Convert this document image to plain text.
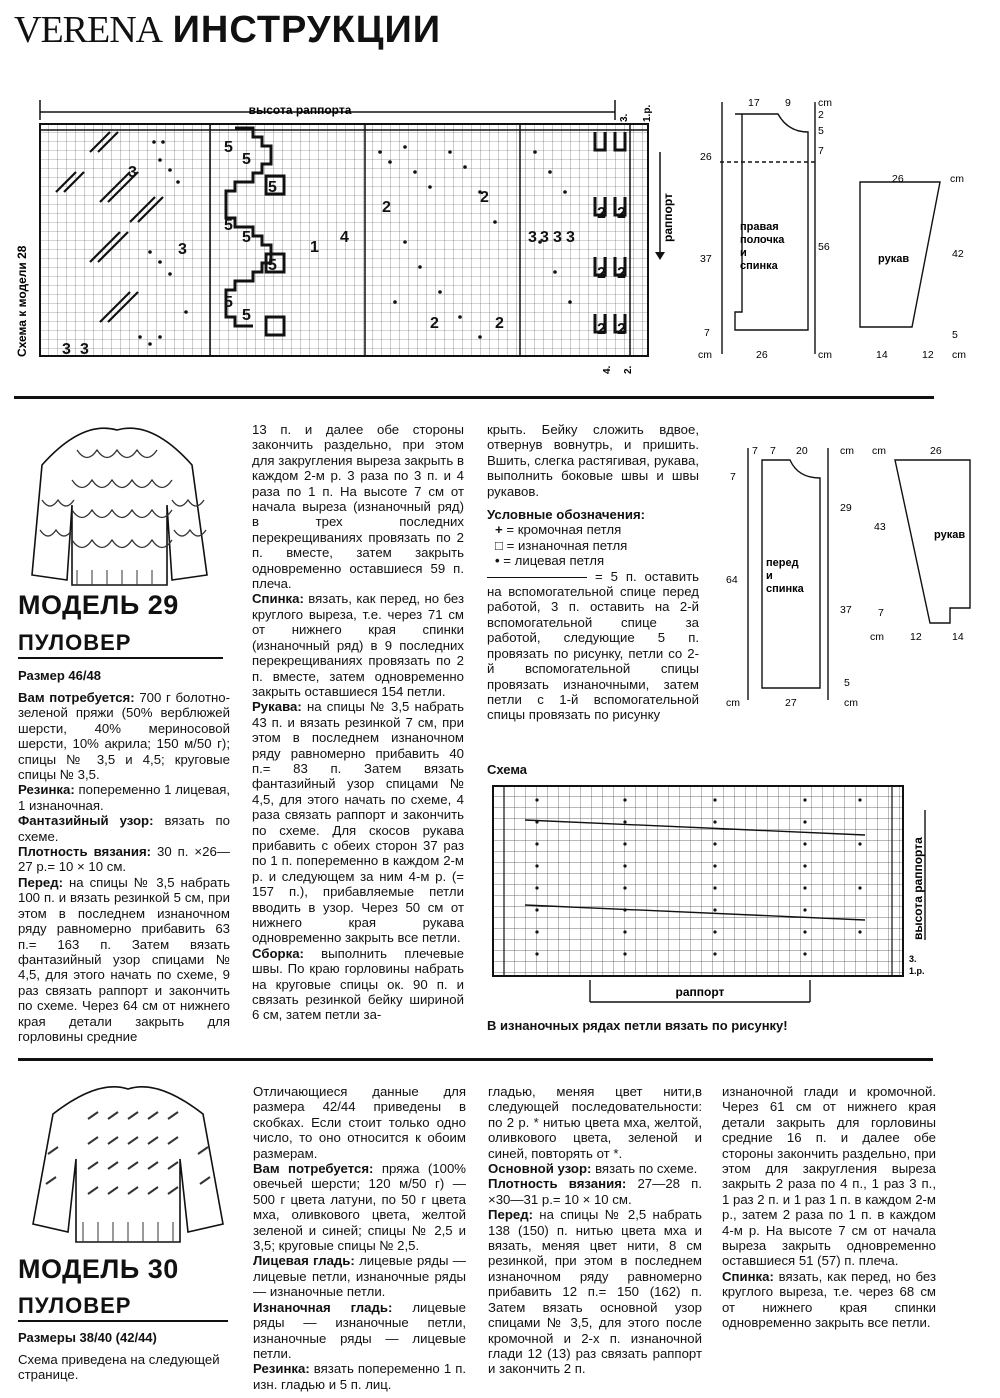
VERENA ИНСТРУКЦИИ
высота раппорта
3 3
3
3
5
5
5
5
5
5
5
5
1
4
2
2
2	2
3 3 3 3
2 2
2 2
2 2
Схема к модели 28
раппорт
3. 1.р.
4. 2.
17 9	cm
2
5
7
26
37
7
56
cm	26	cm
26	cm
42
14	12
5
cm
правая
полочка
и
спинка
рукав
МОДЕЛЬ 29
ПУЛОВЕР
Размер 46/48

Вам потребуется: 700 г болотно-зеленой пряжи (50% верблюжей шерсти, 40% мериносовой шерсти, 10% акрила; 150 м/50 г); спицы № 3,5 и 4,5; круговые спицы № 3,5.

Резинка: попеременно 1 лицевая, 1 изнаночная.

Фантазийный узор: вязать по схеме.

Плотность вязания: 30 п. ×26—27 р.= 10 × 10 см.

Перед: на спицы № 3,5 набрать 100 п. и вязать резинкой 5 см, при этом в последнем изнаночном ряду равномерно прибавить 63 п.= 163 п. Затем вязать фантазийный узор спицами № 4,5, для этого начать по схеме, 9 раз связать раппорт и закончить по схеме. Через 64 см от нижнего края детали закрыть для горловины средние

13 п. и далее обе стороны закончить раздельно, при этом для закругления выреза закрыть в каждом 2-м р. 3 раза по 3 п. и 4 раза по 1 п. На высоте 7 см от начала выреза (изнаночный ряд) в трех последних перекрещиваниях провязать по 2 п. вместе, затем закрыть одновременно оставшиеся 59 п. плеча.

Спинка: вязать, как перед, но без круглого выреза, т.е. через 71 см от нижнего края спинки (изнаночный ряд) в 9 последних перекрещиваниях провязать по 2 п. вместе, затем одновременно закрыть оставшиеся 154 петли.

Рукава: на спицы № 3,5 набрать 43 п. и вязать резинкой 7 см, при этом в последнем изнаночном ряду равномерно прибавить 40 п.= 83 п. Затем вязать фантазийный узор спицами № 4,5, для этого начать по схеме, 4 раза связать раппорт и закончить по схеме. Для скосов рукава прибавить с обеих сторон 37 раз по 1 п. попеременно в каждом 2-м р. и следующем за ним 4-м р. (= 157 п.), прибавляемые петли вводить в узор. Через 50 см от нижнего края рукава одновременно закрыть все петли.

Сборка: выполнить плечевые швы. По краю горловины набрать на круговые спицы ок. 90 п. и связать резинкой бейку шириной 6 см, затем петли за-

крыть. Бейку сложить вдвое, отвернув вовнутрь, и пришить. Вшить, слегка растягивая, рукава, выполнить боковые швы и швы рукавов.

Условные обозначения:

+ = кромочная петля

□ = изнаночная петля

• = лицевая петля

= 5 п. оставить на вспомогательной спице перед работой, 3 п. оставить на 2-й вспомогательной спице за работой, следующие 5 п. провязать по рисунку, петли со 2-й вспомогательной спицы провязать изнаночными, затем петли с 1-й вспомогательной спицы провязать по рисунку

7 7 20	cm
7
64
29
37
5
cm	27	cm
cm	26
43
7
cm 12	14
перед
и
спинка
рукав
Схема
раппорт
высота раппорта
3.
1.р.
В изнаночных рядах петли вязать по рисунку!
МОДЕЛЬ 30
ПУЛОВЕР
Размеры 38/40 (42/44)
Схема приведена на следующей странице.

Отличающиеся данные для размера 42/44 приведены в скобках. Если стоит только одно число, то оно относится к обоим размерам.

Вам потребуется: пряжа (100% овечьей шерсти; 120 м/50 г) — 500 г цвета латуни, по 50 г цвета мха, оливкового цвета, желтой зеленой и синей; спицы № 2,5 и 3,5; круговые спицы № 2,5.

Лицевая гладь: лицевые ряды — лицевые петли, изнаночные ряды — изнаночные петли.

Изнаночная гладь: лицевые ряды — изнаночные петли, изнаночные ряды — лицевые петли.

Резинка: вязать попеременно 1 п. изн. гладью и 5 п. лиц.

гладью, меняя цвет нити,в следующей последовательности: по 2 р. * нитью цвета мха, желтой, оливкового цвета, зеленой и синей, повторять от *.

Основной узор: вязать по схеме.

Плотность вязания: 27—28 п. ×30—31 р.= 10 × 10 см.

Перед: на спицы № 2,5 набрать 138 (150) п. нитью цвета мха и вязать, меняя цвет нити, 8 см резинкой, при этом в последнем изнаночном ряду равномерно прибавить 12 п.= 150 (162) п. Затем вязать основной узор спицами № 3,5, для этого после кромочной и 2-х п. изнаночной глади 12 (13) раз связать раппорт и закончить 2 п.

изнаночной глади и кромочной. Через 61 см от нижнего края детали закрыть для горловины средние 16 п. и далее обе стороны закончить раздельно, при этом для закругления выреза закрыть 2 раза по 4 п., 1 раз 3 п., 1 раз 2 п. и 1 раз 1 п. в каждом 2-м р., затем 2 раза по 1 п. в каждом 4-м р. На высоте 7 см от начала выреза закрыть одновременно оставшиеся 51 (57) п. плеча.

Спинка: вязать, как перед, но без круглого выреза, т.е. через 68 см от нижнего края спинки одновременно закрыть все петли.
